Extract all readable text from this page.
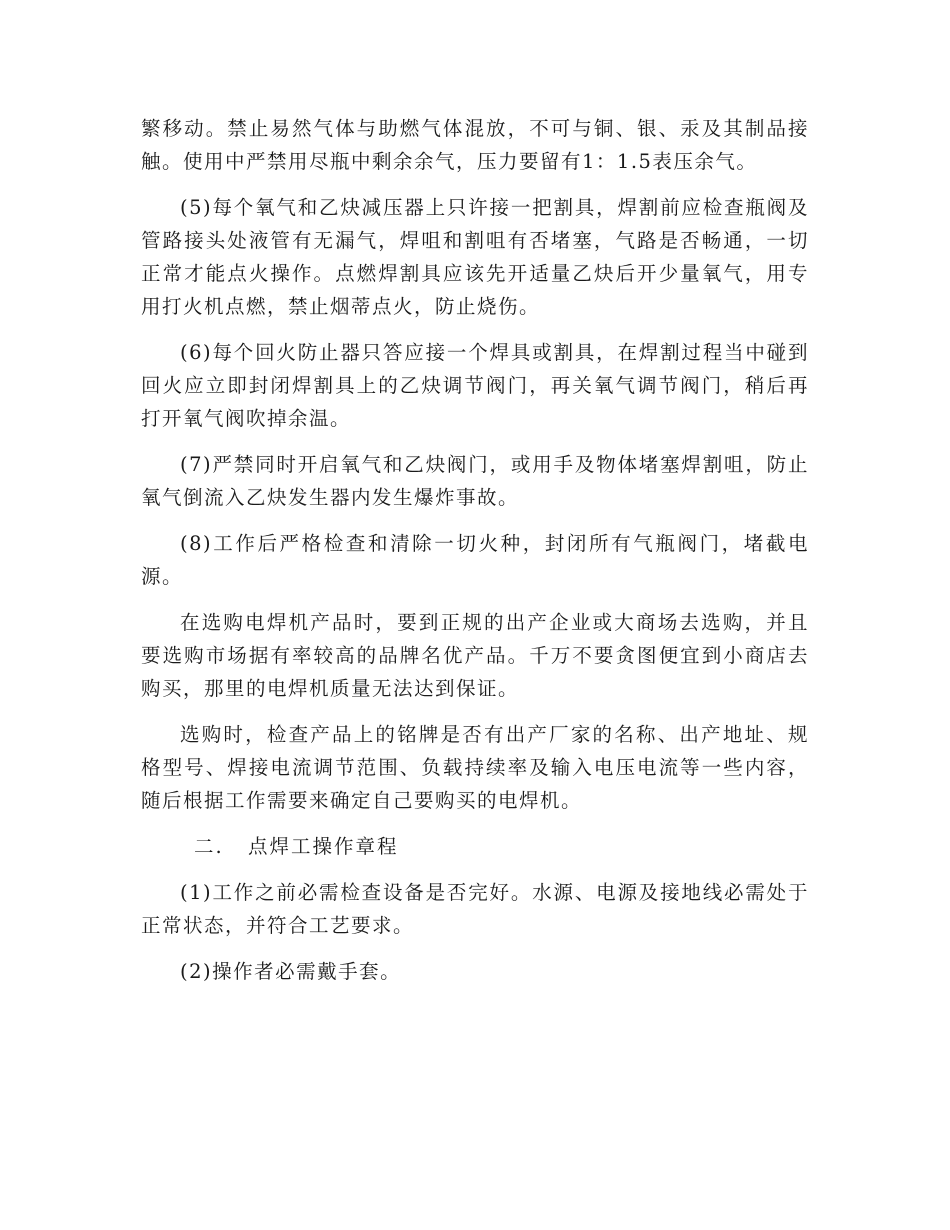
繁移动。禁止易然气体与助燃气体混放，不可与铜、银、汞及其制品接触。使用中严禁用尽瓶中剩余余气，压力要留有1：1.5表压余气。

(5)每个氧气和乙炔减压器上只许接一把割具，焊割前应检查瓶阀及管路接头处液管有无漏气，焊咀和割咀有否堵塞，气路是否畅通，一切正常才能点火操作。点燃焊割具应该先开适量乙炔后开少量氧气，用专用打火机点燃，禁止烟蒂点火，防止烧伤。

(6)每个回火防止器只答应接一个焊具或割具，在焊割过程当中碰到回火应立即封闭焊割具上的乙炔调节阀门，再关氧气调节阀门，稍后再打开氧气阀吹掉余温。

(7)严禁同时开启氧气和乙炔阀门，或用手及物体堵塞焊割咀，防止氧气倒流入乙炔发生器内发生爆炸事故。

(8)工作后严格检查和清除一切火种，封闭所有气瓶阀门，堵截电源。

在选购电焊机产品时，要到正规的出产企业或大商场去选购，并且要选购市场据有率较高的品牌名优产品。千万不要贪图便宜到小商店去购买，那里的电焊机质量无法达到保证。

选购时，检查产品上的铭牌是否有出产厂家的名称、出产地址、规格型号、焊接电流调节范围、负载持续率及输入电压电流等一些内容，随后根据工作需要来确定自己要购买的电焊机。

二. 点焊工操作章程

(1)工作之前必需检查设备是否完好。水源、电源及接地线必需处于正常状态，并符合工艺要求。

(2)操作者必需戴手套。
